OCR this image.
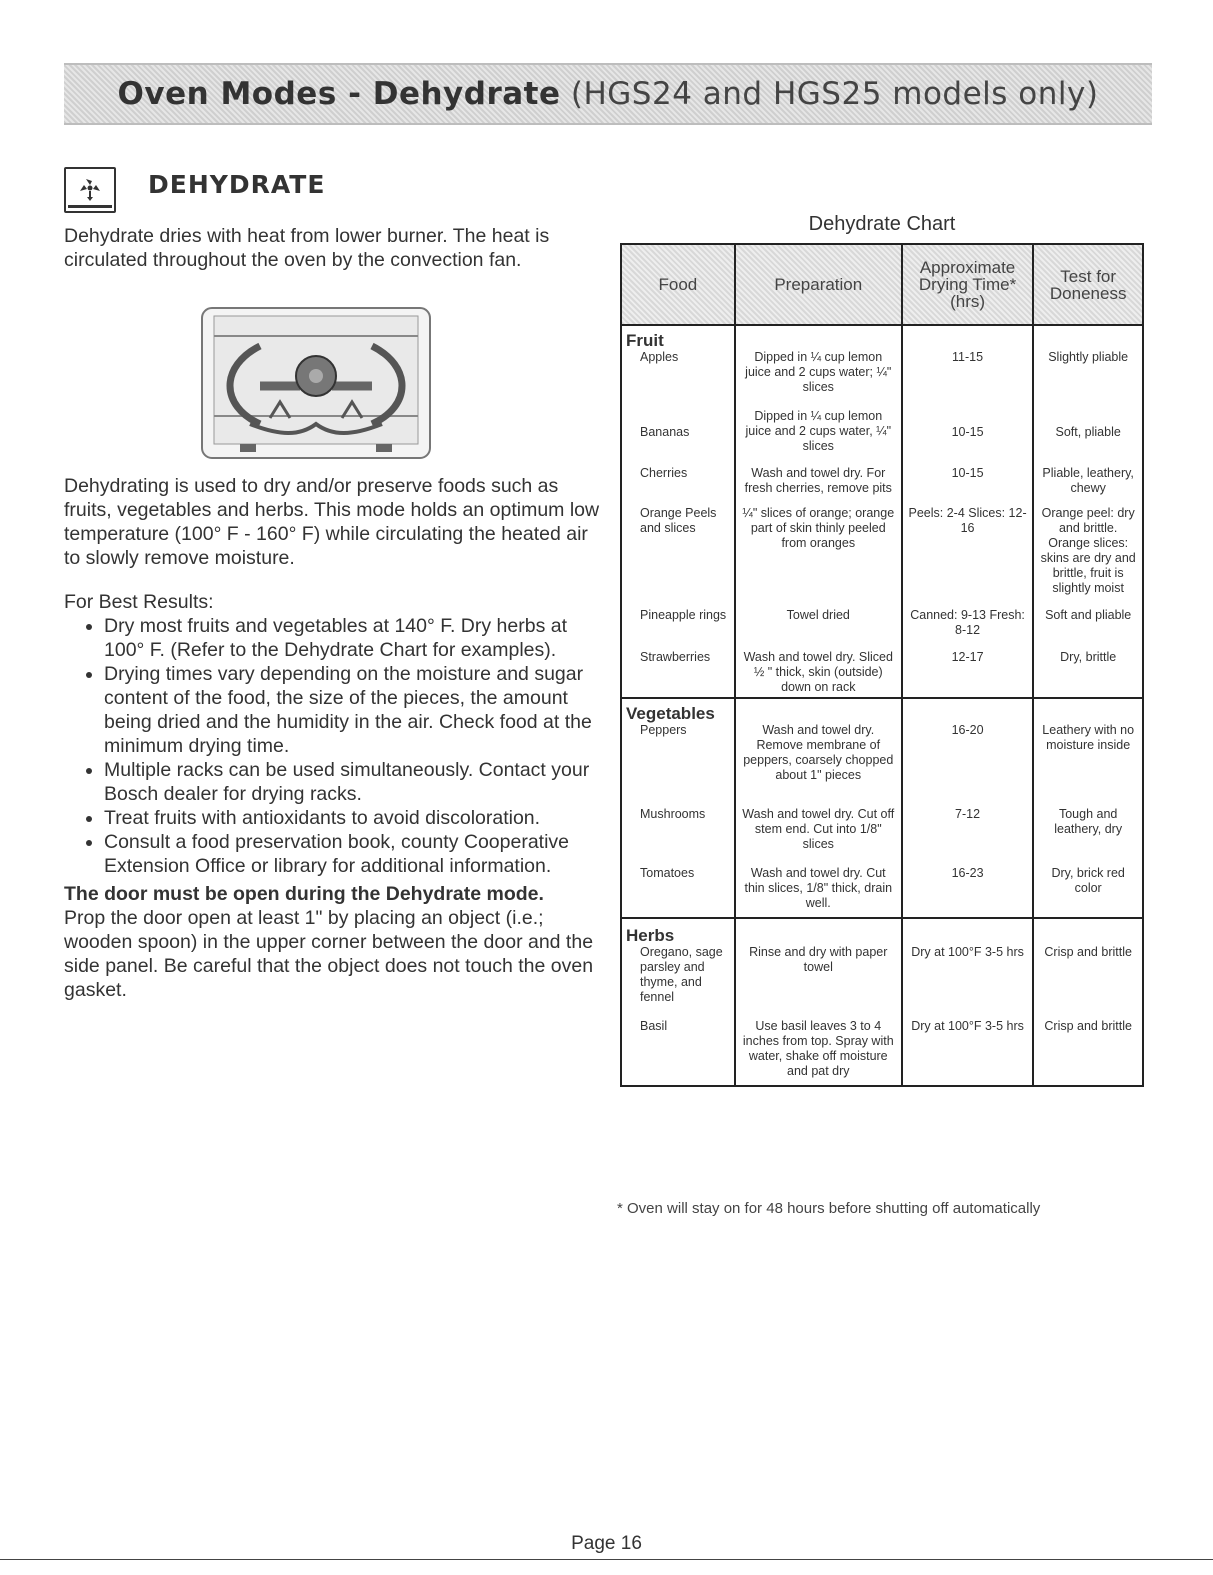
Oven Modes - Dehydrate (HGS24 and HGS25 models only)
DEHYDRATE
Dehydrate dries with heat from lower burner. The heat is circulated throughout the oven by the convection fan.
Dehydrating is used to dry and/or preserve foods such as fruits, vegetables and herbs. This mode holds an optimum low temperature (100° F - 160° F) while circulating the heated air to slowly remove moisture.
For Best Results:
• Dry most fruits and vegetables at 140° F. Dry herbs at 100° F. (Refer to the Dehydrate Chart for examples).
• Drying times vary depending on the moisture and sugar content of the food, the size of the pieces, the amount being dried and the humidity in the air. Check food at the minimum drying time.
• Multiple racks can be used simultaneously. Contact your Bosch dealer for drying racks.
• Treat fruits with antioxidants to avoid discoloration.
• Consult a food preservation book, county Cooperative Extension Office or library for additional information.
The door must be open during the Dehydrate mode.
Prop the door open at least 1" by placing an object (i.e.; wooden spoon) in the upper corner between the door and the side panel. Be careful that the object does not touch the oven gasket.
Dehydrate Chart
Food	Preparation	Approximate Drying Time*(hrs)	Test for Doneness

Fruit
Apples	Dipped in ¼ cup lemon juice and 2 cups water; ¼" slices	11-15	Slightly pliable

Bananas	Dipped in ¼ cup lemon juice and 2 cups water, ¼" slices	10-15	Soft, pliable

Cherries	Wash and towel dry. For fresh cherries, remove pits	10-15	Pliable, leathery, chewy

Orange Peels and slices	¼" slices of orange; orange part of skin thinly peeled from oranges	Peels: 2-4 Slices: 12-16	Orange peel: dry and brittle. Orange slices: skins are dry and brittle, fruit is slightly moist

Pineapple rings	Towel dried	Canned: 9-13 Fresh: 8-12	Soft and pliable

Strawberries	Wash and towel dry. Sliced ½ " thick, skin (outside) down on rack	12-17	Dry, brittle

Vegetables
Peppers	Wash and towel dry. Remove membrane of peppers, coarsely chopped about 1" pieces	16-20	Leathery with no moisture inside

Mushrooms	Wash and towel dry. Cut off stem end. Cut into 1/8" slices	7-12	Tough and leathery, dry

Tomatoes	Wash and towel dry. Cut thin slices, 1/8" thick, drain well.	16-23	Dry, brick red color

Herbs
Oregano, sage parsley and thyme, and fennel	Rinse and dry with paper towel	Dry at 100°F 3-5 hrs	Crisp and brittle

Basil	Use basil leaves 3 to 4 inches from top. Spray with water, shake off moisture and pat dry	Dry at 100°F 3-5 hrs	Crisp and brittle
* Oven will stay on for 48 hours before shutting off automatically
Page 16
